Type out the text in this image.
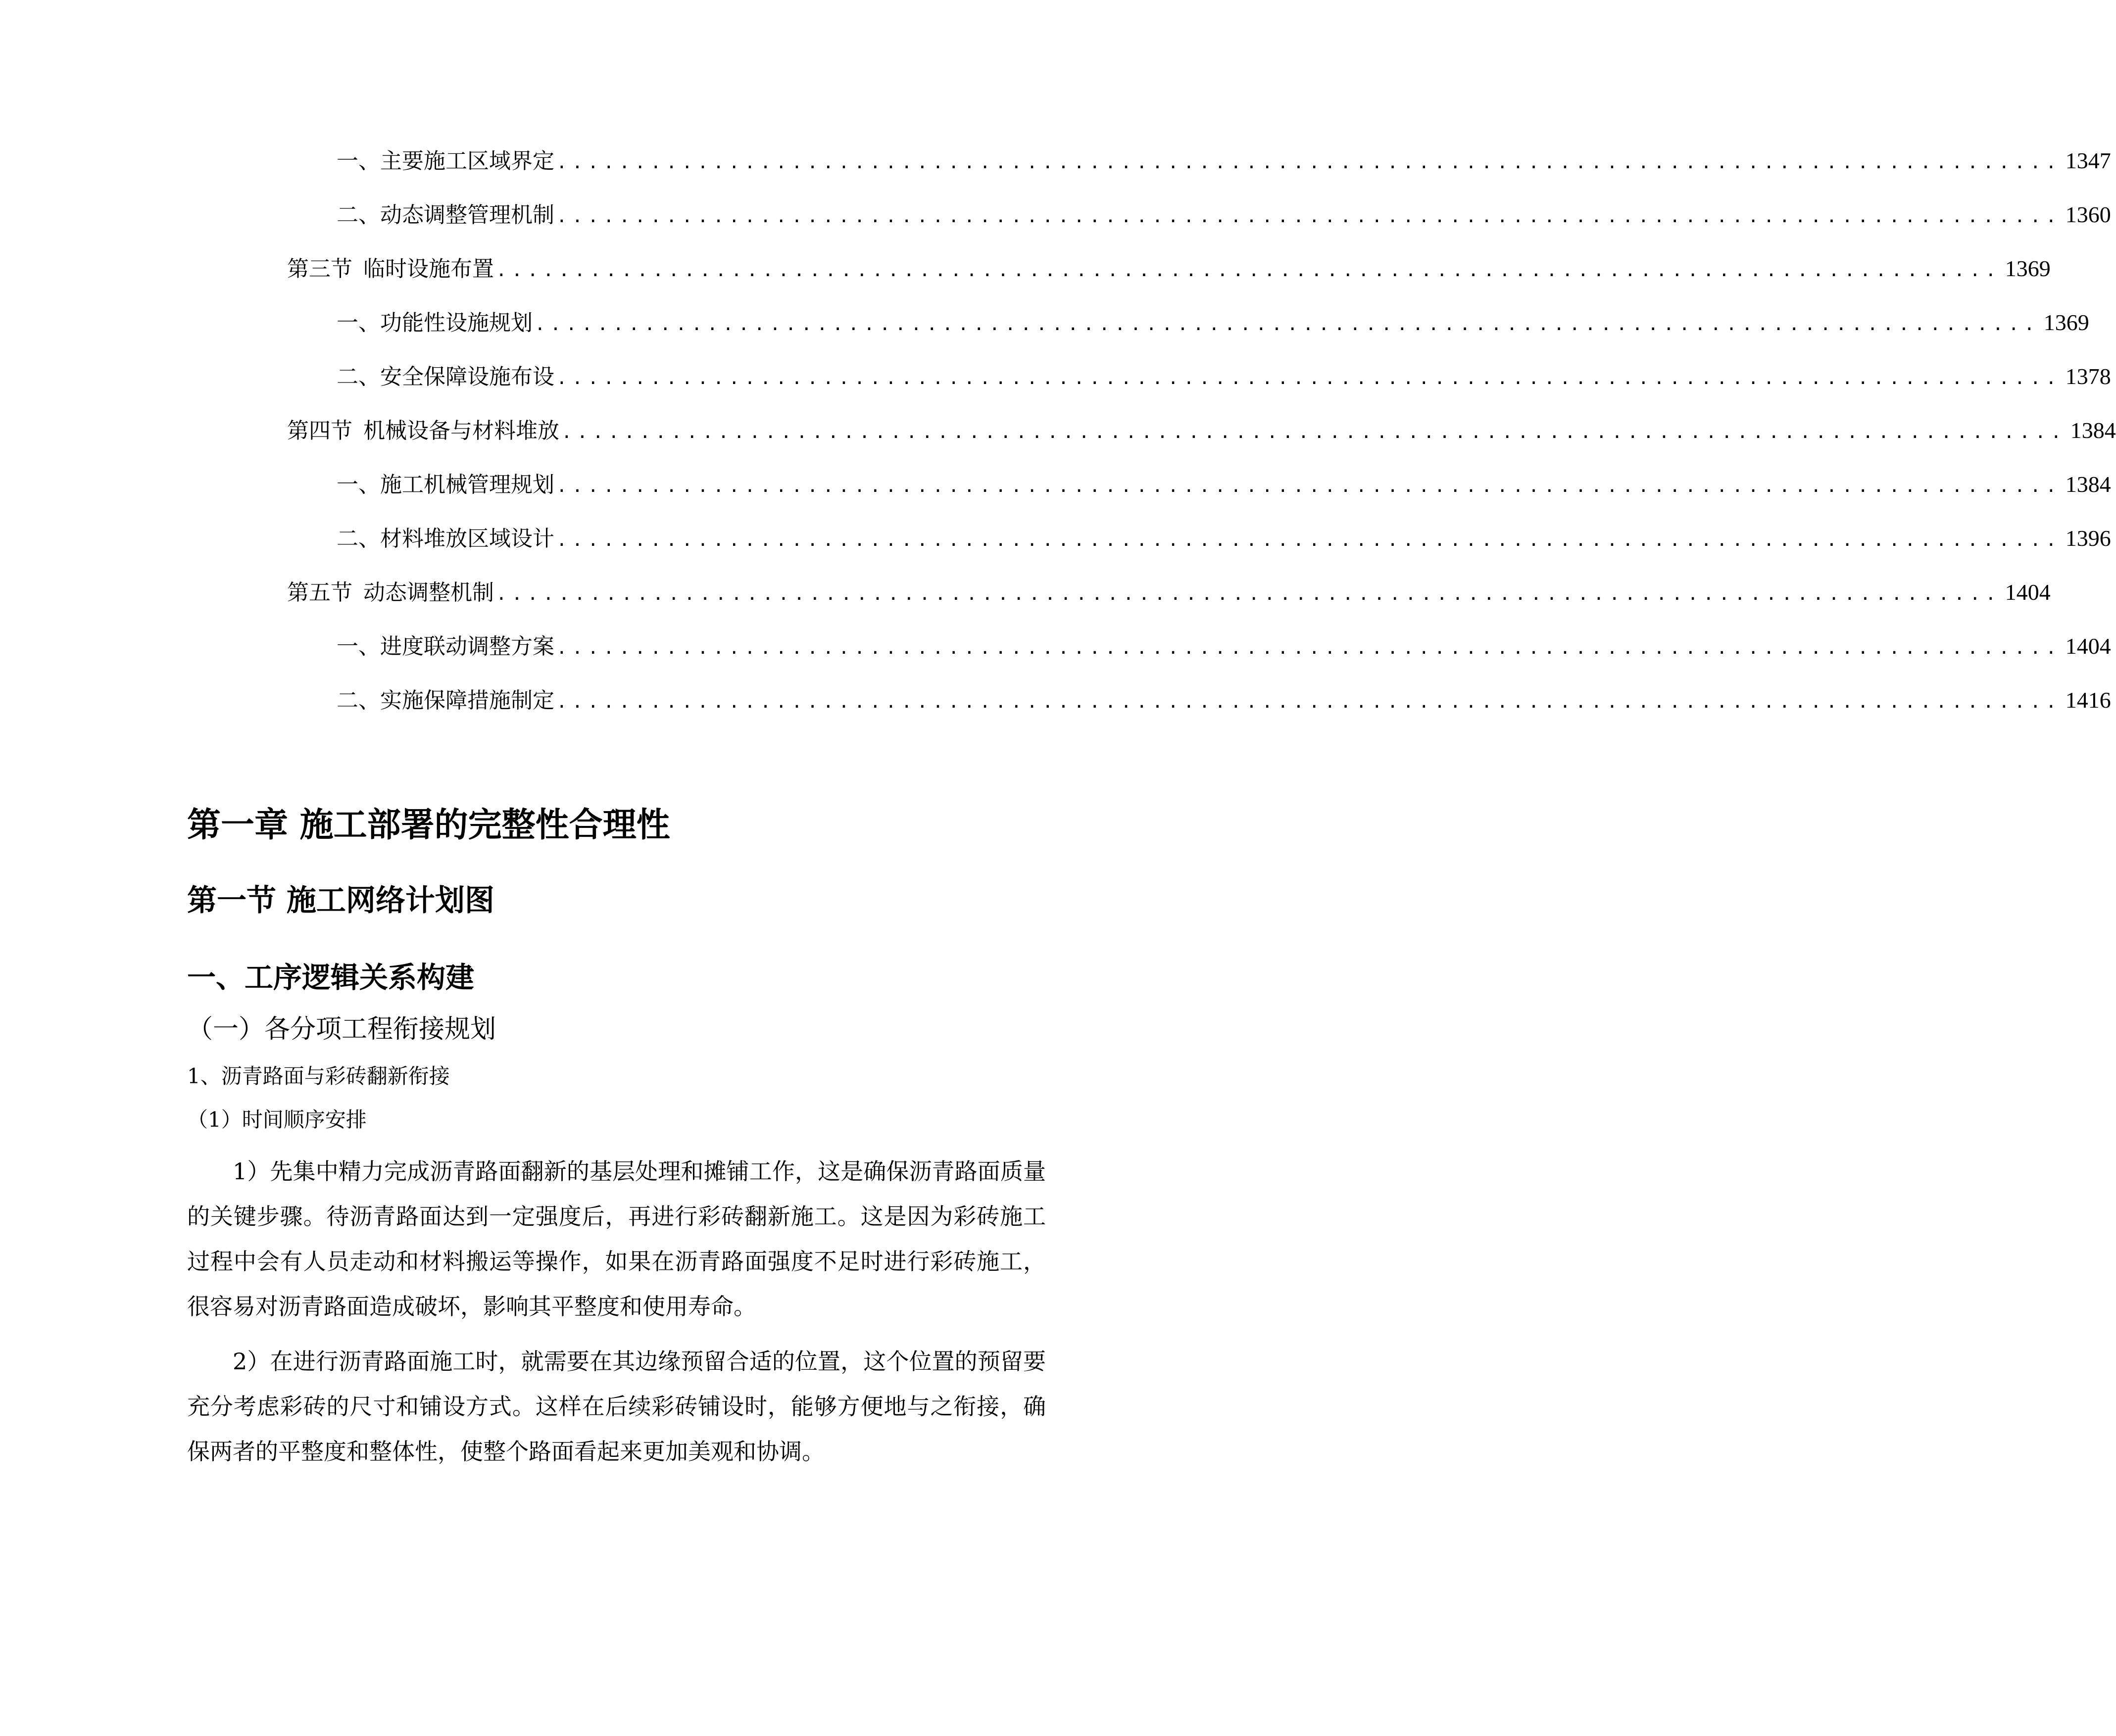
一、 主要施工区域界定 ................................................................................................ 1347
二、 动态调整管理机制 ................................................................................................ 1360
第三节 临时设施布置 ................................................................................................ 1369
一、 功能性设施规划 ................................................................................................ 1369
二、 安全保障设施布设 ................................................................................................ 1378
第四节 机械设备与材料堆放 ................................................................................................ 1384
一、 施工机械管理规划 ................................................................................................ 1384
二、 材料堆放区域设计 ................................................................................................ 1396
第五节 动态调整机制 ................................................................................................ 1404
一、 进度联动调整方案 ................................................................................................ 1404
二、 实施保障措施制定 ................................................................................................ 1416
第一章 施工部署的完整性合理性
第一节 施工网络计划图
一、工序逻辑关系构建
（一）各分项工程衔接规划
1、沥青路面与彩砖翻新衔接
（1）时间顺序安排

1）先集中精力完成沥青路面翻新的基层处理和摊铺工作，这是确保沥青路面质量的关键步骤。待沥青路面达到一定强度后，再进行彩砖翻新施工。这是因为彩砖施工过程中会有人员走动和材料搬运等操作，如果在沥青路面强度不足时进行彩砖施工，很容易对沥青路面造成破坏，影响其平整度和使用寿命。

2）在进行沥青路面施工时，就需要在其边缘预留合适的位置，这个位置的预留要充分考虑彩砖的尺寸和铺设方式。这样在后续彩砖铺设时，能够方便地与之衔接，确保两者的平整度和整体性，使整个路面看起来更加美观和协调。
